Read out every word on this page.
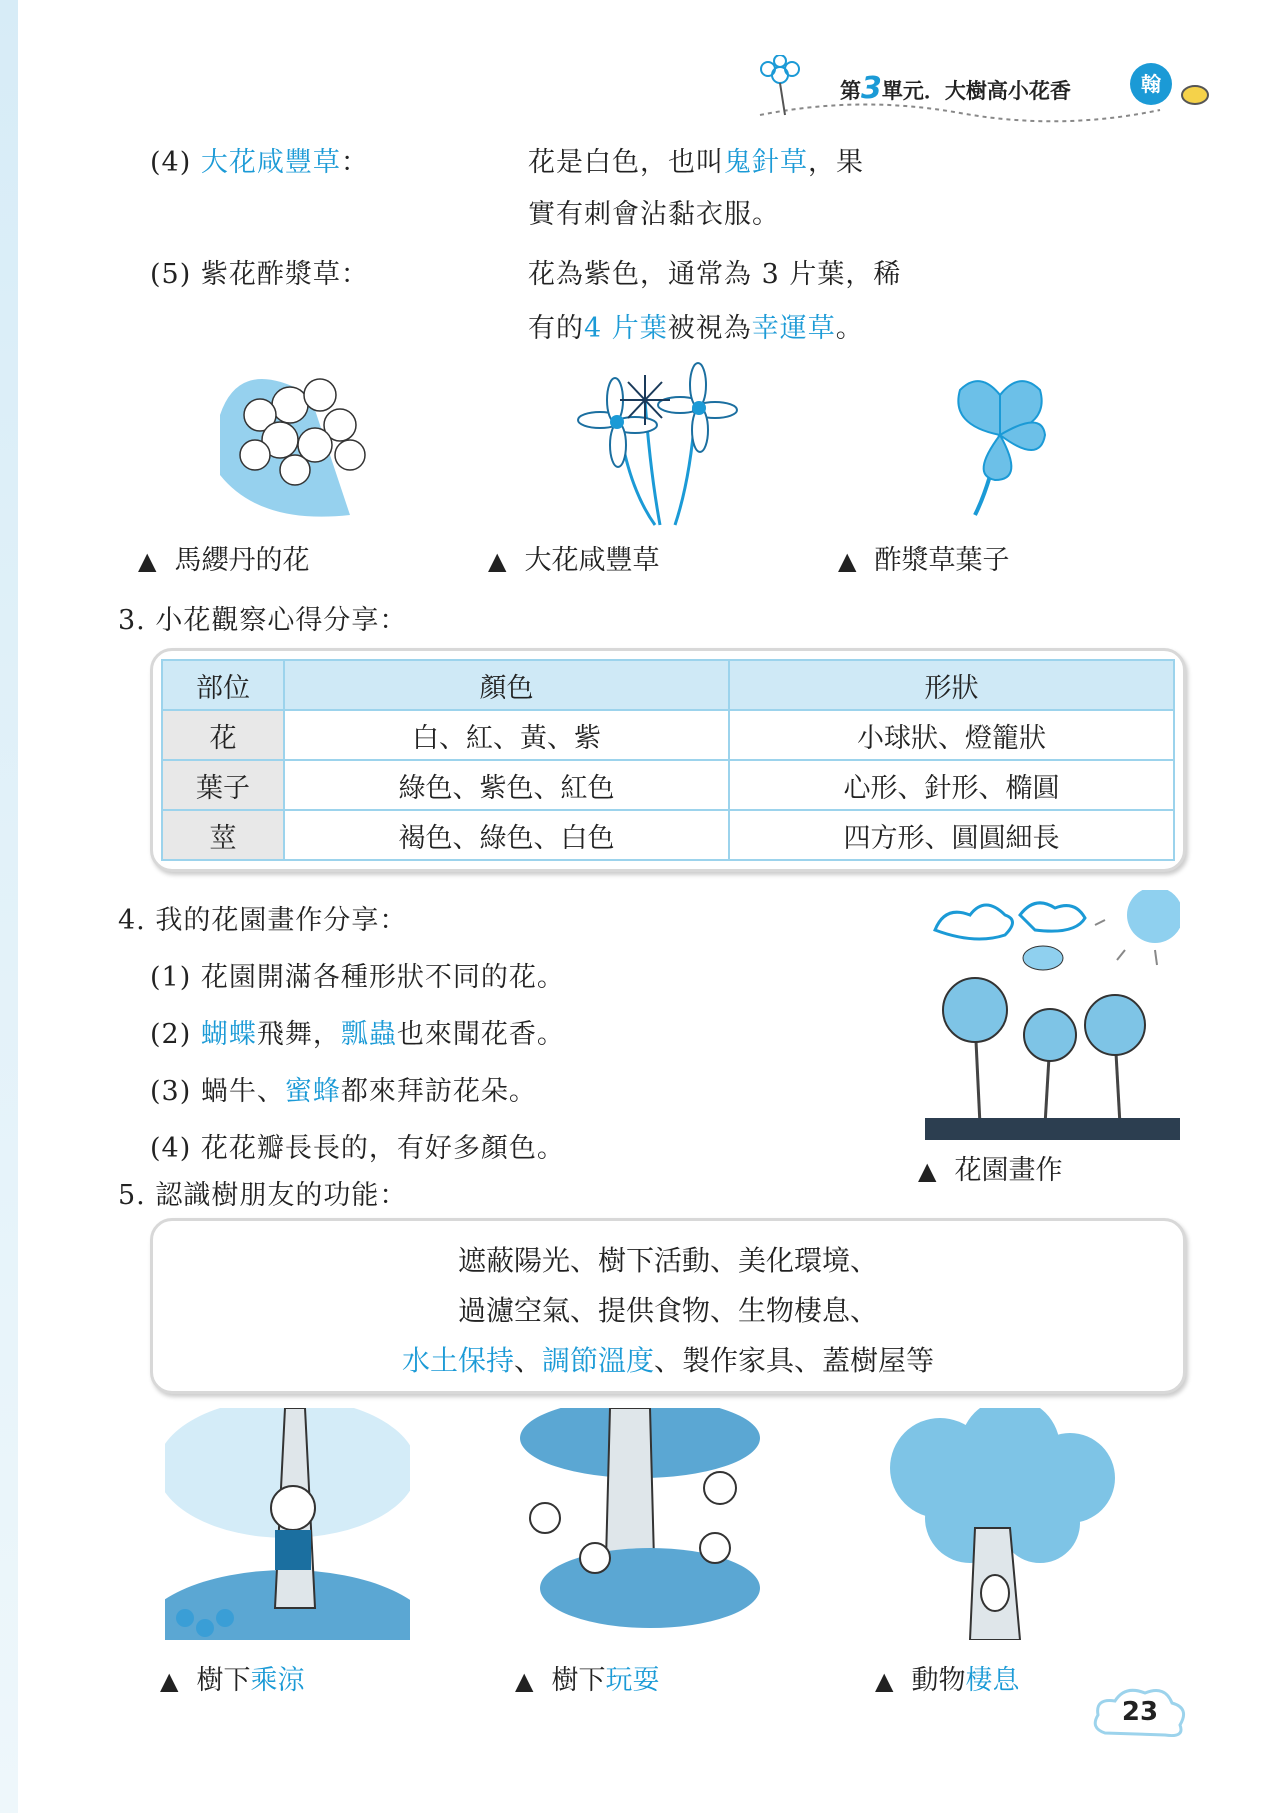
第3單元．大樹高小花香	翰
(4) 大花咸豐草：	花是白色，也叫鬼針草，果
實有刺會沾黏衣服。
(5) 紫花酢漿草：	花為紫色，通常為 3 片葉，稀
有的4 片葉被視為幸運草。
▲ 馬纓丹的花	▲ 大花咸豐草	▲ 酢漿草葉子
3. 小花觀察心得分享：
部位	顏色	形狀
花	白、紅、黃、紫	小球狀、燈籠狀
葉子	綠色、紫色、紅色	心形、針形、橢圓
莖	褐色、綠色、白色	四方形、圓圓細長
4. 我的花園畫作分享：
(1) 花園開滿各種形狀不同的花。
(2) 蝴蝶飛舞，瓢蟲也來聞花香。
(3) 蝸牛、蜜蜂都來拜訪花朵。
(4) 花花瓣長長的，有好多顏色。
▲ 花園畫作
5. 認識樹朋友的功能：
遮蔽陽光、樹下活動、美化環境、
過濾空氣、提供食物、生物棲息、
水土保持、調節溫度、製作家具、蓋樹屋等
▲ 樹下乘涼	▲ 樹下玩耍	▲ 動物棲息
23
